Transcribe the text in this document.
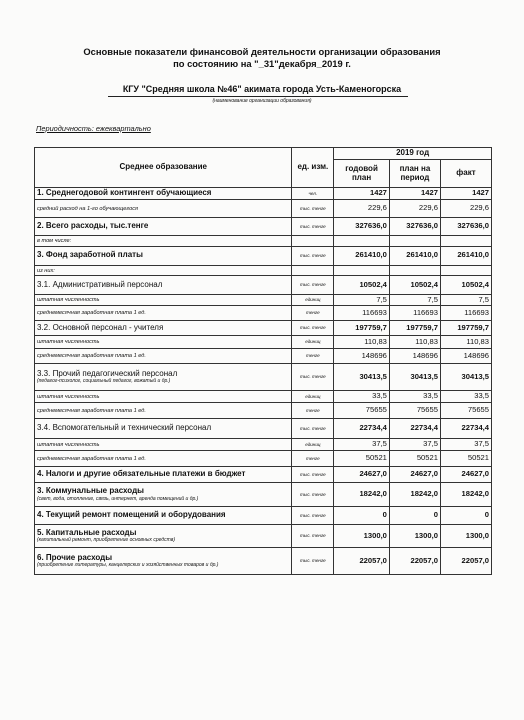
Основные показатели финансовой деятельности организации образования
по состоянию на "_31"декабря_2019 г.
КГУ "Средняя школа №46" акимата города Усть-Каменогорска
(наименование организации образования)
Периодичность: ежеквартально
Среднее образование	ед. изм.	2019 год		
		годовой план	план на период	факт
1. Среднегодовой контингент обучающиеся	чел.	1427	1427	1427
средний расход на 1-го обучающегося	тыс. тенге	229,6	229,6	229,6
2. Всего расходы, тыс.тенге	тыс. тенге	327636,0	327636,0	327636,0
в том числе:				
3. Фонд заработной платы	тыс. тенге	261410,0	261410,0	261410,0
из них:				
3.1. Административный персонал	тыс. тенге	10502,4	10502,4	10502,4
штатная численность	единиц	7,5	7,5	7,5
среднемесячная заработная плата 1 ед.	тенге	116693	116693	116693
3.2. Основной персонал - учителя	тыс. тенге	197759,7	197759,7	197759,7
штатная численность	единиц	110,83	110,83	110,83
среднемесячная заработная плата 1 ед.	тенге	148696	148696	148696
3.3. Прочий педагогический персонал
(педагог-психолог, социальный педагог, вожатый и др.)	тыс. тенге	30413,5	30413,5	30413,5
штатная численность	единиц	33,5	33,5	33,5
среднемесячная заработная плата 1 ед.	тенге	75655	75655	75655
3.4. Вспомогательный и технический персонал	тыс. тенге	22734,4	22734,4	22734,4
штатная численность	единиц	37,5	37,5	37,5
среднемесячная заработная плата 1 ед.	тенге	50521	50521	50521
4. Налоги и другие обязательные платежи в бюджет	тыс. тенге	24627,0	24627,0	24627,0
3. Коммунальные расходы
(свет, вода, отопление, связь, интернет, аренда помещений и др.)	тыс. тенге	18242,0	18242,0	18242,0
4. Текущий ремонт помещений и оборудования	тыс. тенге	0	0	0
5. Капитальные расходы
(капитальный ремонт, приобретение основных средств)	тыс. тенге	1300,0	1300,0	1300,0
6. Прочие расходы
(приобретение литературы, канцелярских и хозяйственных товаров и др.)	тыс. тенге	22057,0	22057,0	22057,0
